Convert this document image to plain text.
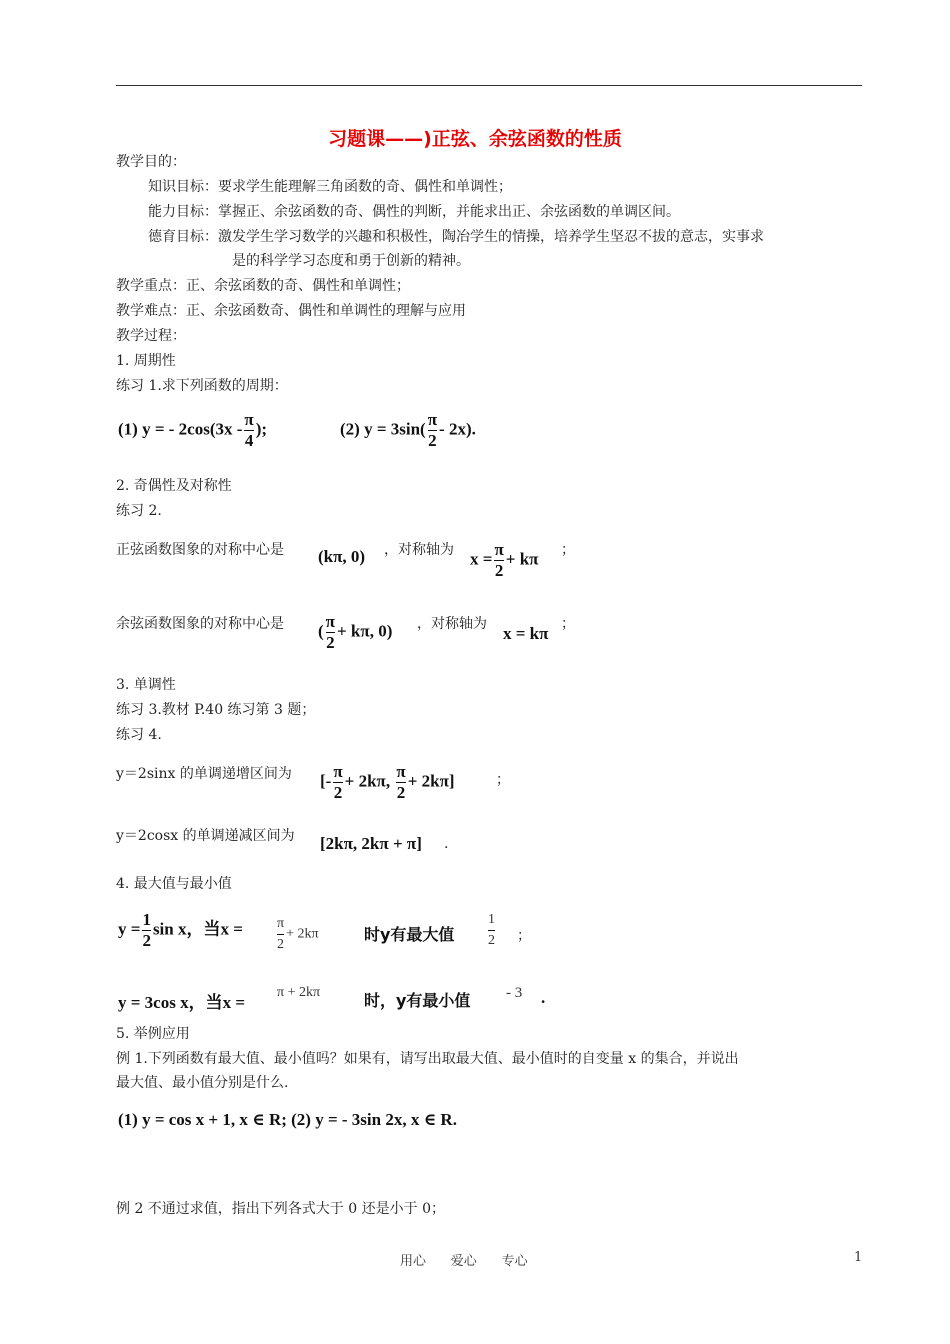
习题课——)正弦、余弦函数的性质
教学目的：
知识目标：要求学生能理解三角函数的奇、偶性和单调性；
能力目标：掌握正、余弦函数的奇、偶性的判断，并能求出正、余弦函数的单调区间。
德育目标：激发学生学习数学的兴趣和积极性，陶冶学生的情操，培养学生坚忍不拔的意志，实事求
是的科学学习态度和勇于创新的精神。
教学重点：正、余弦函数的奇、偶性和单调性；
教学难点：正、余弦函数奇、偶性和单调性的理解与应用
教学过程：
1. 周期性
练习 1.求下列函数的周期：
(1) y = - $2\cos(3x - \frac{\pi}{4}$ );	(2) $y = 3\sin( \frac{\pi}{2} - 2x)$.
2. 奇偶性及对称性
练习 2.
正弦函数图象的对称中心是 (kπ, 0) ，对称轴为 $x = \frac{\pi}{2} + k\pi$ ；
余弦函数图象的对称中心是 ( $\frac{\pi}{2} + k\pi$, 0) ，对称轴为 x = kπ ；
3. 单调性
练习 3.教材 P.40 练习第 3 题；
练习 4.
y＝2sinx 的单调递增区间为 [- $\frac{\pi}{2} + 2k\pi$, $\frac{\pi}{2} + 2k\pi$]	；
y＝2cosx 的单调递减区间为 [2kπ, 2kπ + π] .
4. 最大值与最小值
$y = \frac{1}{2}$ sin x，当$x = \frac{\pi}{2} + 2k\pi$	时y有最大值 $\frac{1}{2}$ ；
y = 3cos x，当x =
π + 2kπ	时，y有最小值 - 3 .
5. 举例应用
例 1.下列函数有最大值、最小值吗？如果有，请写出取最大值、最小值时的自变量 x 的集合，并说出
最大值、最小值分别是什么.
(1) y = cos x + 1, x ∈ R; (2) y = - 3sin 2x, x ∈ R.
例 2 不通过求值，指出下列各式大于 0 还是小于 0；
用心      爱心      专心	1
